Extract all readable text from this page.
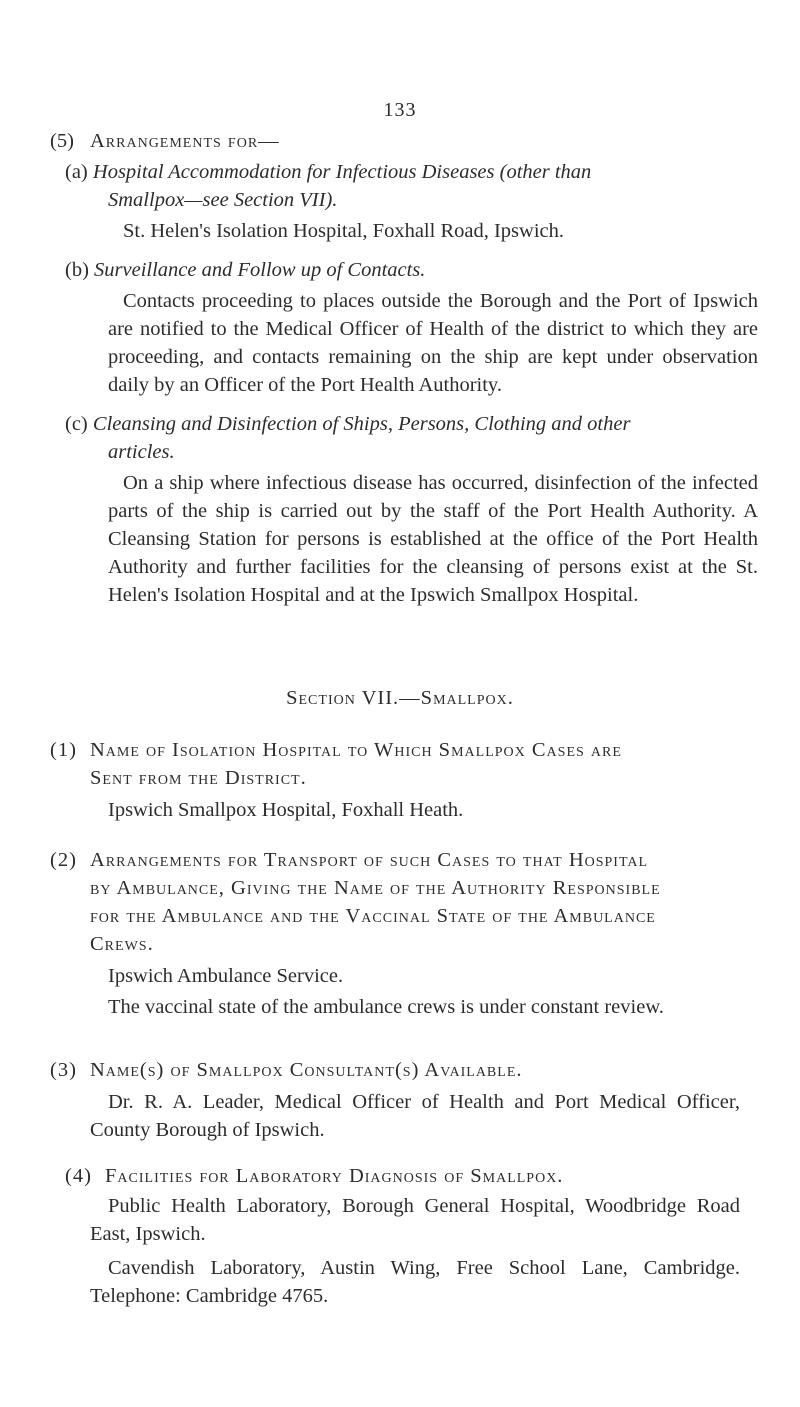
133
(5) Arrangements for—
(a) Hospital Accommodation for Infectious Diseases (other than
Smallpox—see Section VII).
St. Helen's Isolation Hospital, Foxhall Road, Ipswich.
(b) Surveillance and Follow up of Contacts.
Contacts proceeding to places outside the Borough and the Port of Ipswich are notified to the Medical Officer of Health of the district to which they are proceeding, and contacts remaining on the ship are kept under observation daily by an Officer of the Port Health Authority.
(c) Cleansing and Disinfection of Ships, Persons, Clothing and other
articles.
On a ship where infectious disease has occurred, disinfection of the infected parts of the ship is carried out by the staff of the Port Health Authority. A Cleansing Station for persons is established at the office of the Port Health Authority and further facilities for the cleansing of persons exist at the St. Helen's Isolation Hospital and at the Ipswich Smallpox Hospital.
Section VII.—Smallpox.
(1) Name of Isolation Hospital to Which Smallpox Cases are
Sent from the District.
Ipswich Smallpox Hospital, Foxhall Heath.
(2) Arrangements for Transport of such Cases to that Hospital
by Ambulance, Giving the Name of the Authority Responsible
for the Ambulance and the Vaccinal State of the Ambulance
Crews.
Ipswich Ambulance Service.
The vaccinal state of the ambulance crews is under constant review.
(3) Name(s) of Smallpox Consultant(s) Available.
Dr. R. A. Leader, Medical Officer of Health and Port Medical Officer, County Borough of Ipswich.
(4) Facilities for Laboratory Diagnosis of Smallpox.
Public Health Laboratory, Borough General Hospital, Woodbridge Road East, Ipswich.
Cavendish Laboratory, Austin Wing, Free School Lane, Cambridge. Telephone: Cambridge 4765.
